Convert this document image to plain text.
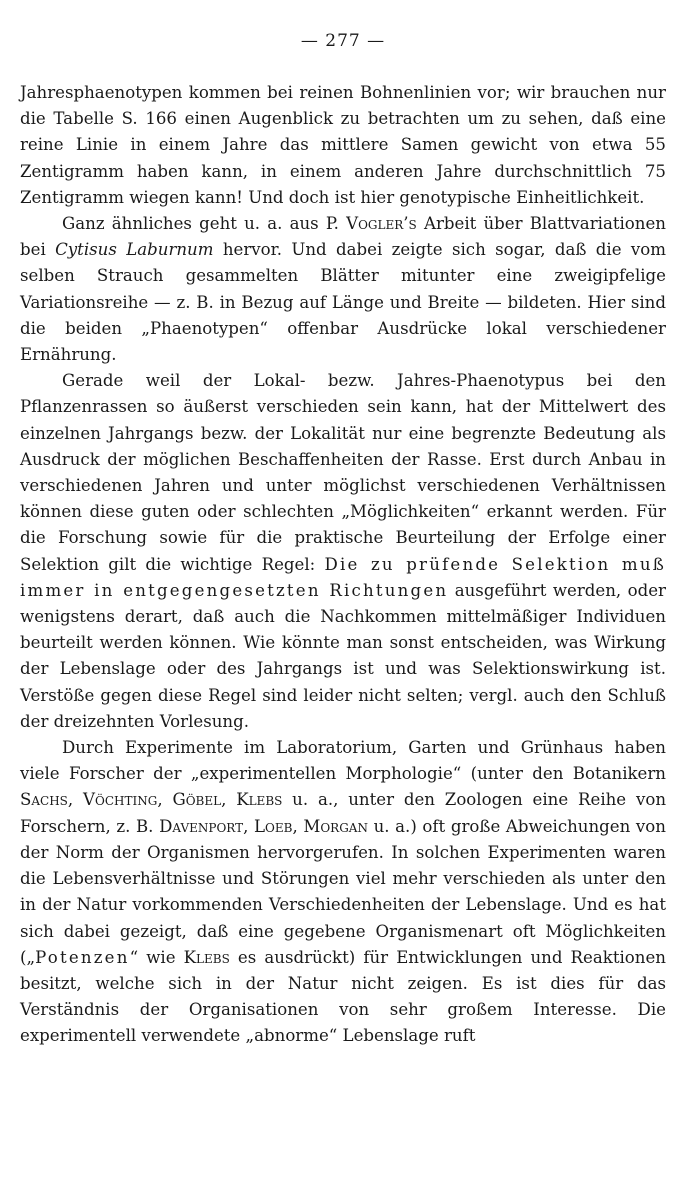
— 277 —

Jahresphaenotypen kommen bei reinen Bohnenlinien vor; wir brauchen nur die Tabelle S. 166 einen Augenblick zu betrachten um zu sehen, daß eine reine Linie in einem Jahre das mittlere Samen gewicht von etwa 55 Zentigramm haben kann, in einem anderen Jahre durchschnittlich 75 Zentigramm wiegen kann! Und doch ist hier genotypische Einheitlichkeit.

Ganz ähnliches geht u. a. aus P. Vogler’s Arbeit über Blattvariationen bei Cytisus Laburnum hervor. Und dabei zeigte sich sogar, daß die vom selben Strauch gesammelten Blätter mitunter eine zweigipfelige Variationsreihe — z. B. in Bezug auf Länge und Breite — bildeten. Hier sind die beiden „Phaenotypen“ offenbar Ausdrücke lokal verschiedener Ernährung.

Gerade weil der Lokal- bezw. Jahres-Phaenotypus bei den Pflanzenrassen so äußerst verschieden sein kann, hat der Mittelwert des einzelnen Jahrgangs bezw. der Lokalität nur eine begrenzte Bedeutung als Ausdruck der möglichen Beschaffenheiten der Rasse. Erst durch Anbau in verschiedenen Jahren und unter möglichst verschiedenen Verhältnissen können diese guten oder schlechten „Möglichkeiten“ erkannt werden. Für die Forschung sowie für die praktische Beurteilung der Erfolge einer Selektion gilt die wichtige Regel: Die zu prüfende Selektion muß immer in entgegengesetzten Richtungen ausgeführt werden, oder wenigstens derart, daß auch die Nachkommen mittelmäßiger Individuen beurteilt werden können. Wie könnte man sonst entscheiden, was Wirkung der Lebenslage oder des Jahrgangs ist und was Selektionswirkung ist. Verstöße gegen diese Regel sind leider nicht selten; vergl. auch den Schluß der dreizehnten Vorlesung.

Durch Experimente im Laboratorium, Garten und Grünhaus haben viele Forscher der „experimentellen Morphologie“ (unter den Botanikern Sachs, Vöchting, Göbel, Klebs u. a., unter den Zoologen eine Reihe von Forschern, z. B. Davenport, Loeb, Morgan u. a.) oft große Abweichungen von der Norm der Organismen hervorgerufen. In solchen Experimenten waren die Lebensverhältnisse und Störungen viel mehr verschieden als unter den in der Natur vorkommenden Verschiedenheiten der Lebenslage. Und es hat sich dabei gezeigt, daß eine gegebene Organismenart oft Möglichkeiten („Potenzen“ wie Klebs es ausdrückt) für Entwicklungen und Reaktionen besitzt, welche sich in der Natur nicht zeigen. Es ist dies für das Verständnis der Organisationen von sehr großem Interesse. Die experimentell verwendete „abnorme“ Lebenslage ruft
